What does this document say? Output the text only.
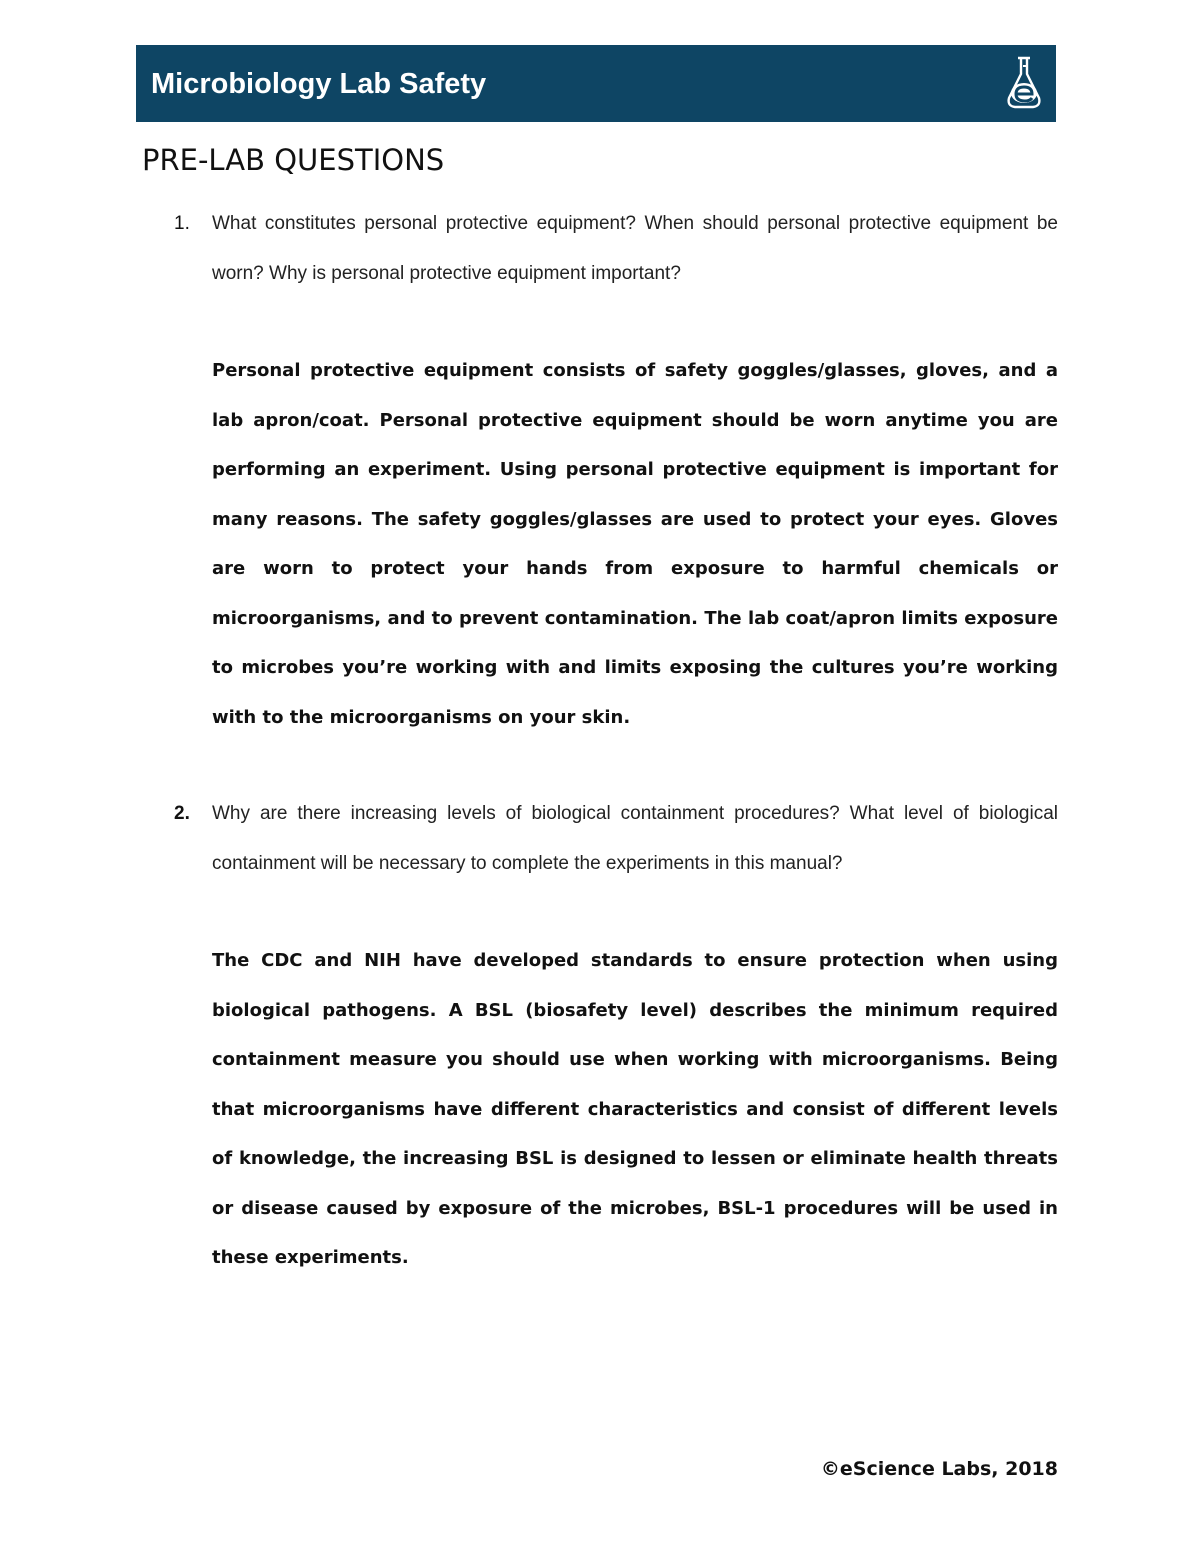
Microbiology Lab Safety
PRE-LAB QUESTIONS
1. What constitutes personal protective equipment? When should personal protective equipment be worn? Why is personal protective equipment important?

Personal protective equipment consists of safety goggles/glasses, gloves, and a lab apron/coat. Personal protective equipment should be worn anytime you are performing an experiment. Using personal protective equipment is important for many reasons. The safety goggles/glasses are used to protect your eyes. Gloves are worn to protect your hands from exposure to harmful chemicals or microorganisms, and to prevent contamination. The lab coat/apron limits exposure to microbes you’re working with and limits exposing the cultures you’re working with to the microorganisms on your skin.

2. Why are there increasing levels of biological containment procedures? What level of biological containment will be necessary to complete the experiments in this manual?

The CDC and NIH have developed standards to ensure protection when using biological pathogens. A BSL (biosafety level) describes the minimum required containment measure you should use when working with microorganisms. Being that microorganisms have different characteristics and consist of different levels of knowledge, the increasing BSL is designed to lessen or eliminate health threats or disease caused by exposure of the microbes, BSL-1 procedures will be used in these experiments.

©eScience Labs, 2018
